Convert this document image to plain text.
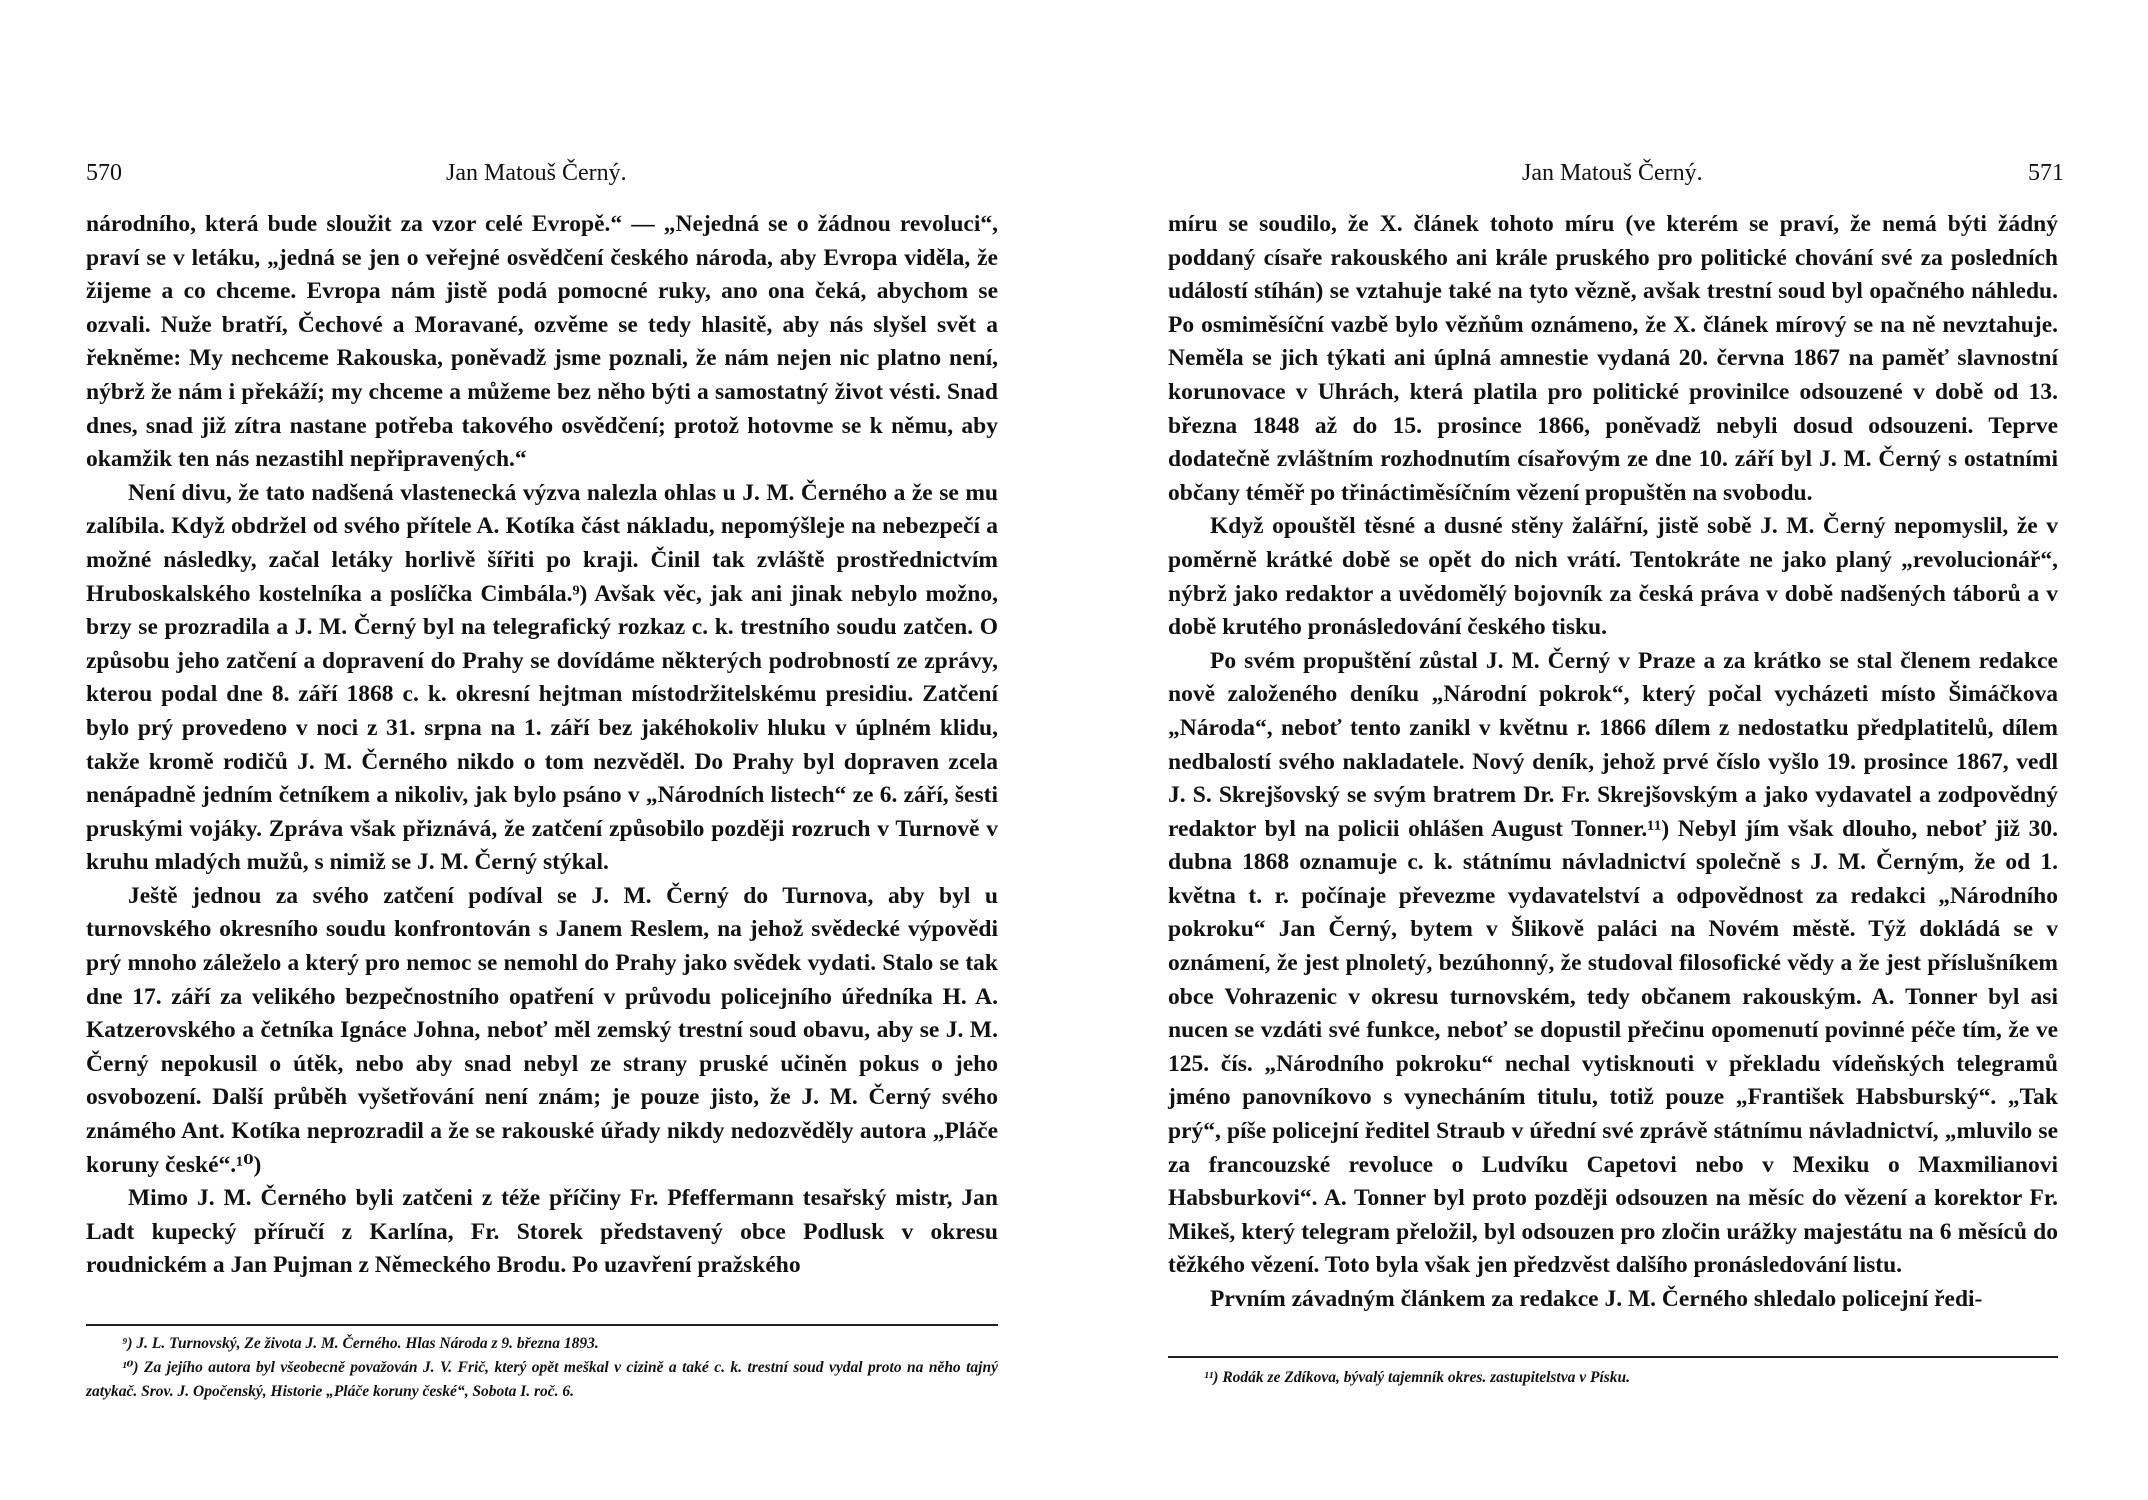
570	Jan Matouš Černý.

národního, která bude sloužit za vzor celé Evropě.“ — „Nejedná se o žádnou revoluci“, praví se v letáku, „jedná se jen o veřejné osvědčení českého národa, aby Evropa viděla, že žijeme a co chceme. Evropa nám jistě podá pomocné ruky, ano ona čeká, abychom se ozvali. Nuže bratří, Čechové a Moravané, ozvěme se tedy hlasitě, aby nás slyšel svět a řekněme: My nechceme Rakouska, poněvadž jsme poznali, že nám nejen nic platno není, nýbrž že nám i překáží; my chceme a můžeme bez něho býti a samostatný život vésti. Snad dnes, snad již zítra nastane potřeba takového osvědčení; protož hotovme se k němu, aby okamžik ten nás nezastihl nepřipravených.“

Není divu, že tato nadšená vlastenecká výzva nalezla ohlas u J. M. Černého a že se mu zalíbila. Když obdržel od svého přítele A. Kotíka část nákladu, nepomýšleje na nebezpečí a možné následky, začal letáky horlivě šířiti po kraji. Činil tak zvláště prostřednictvím Hruboskalského kostelníka a poslíčka Cimbála.⁹) Avšak věc, jak ani jinak nebylo možno, brzy se prozradila a J. M. Černý byl na telegrafický rozkaz c. k. trestního soudu zatčen. O způsobu jeho zatčení a dopravení do Prahy se dovídáme některých podrobností ze zprávy, kterou podal dne 8. září 1868 c. k. okresní hejtman místodržitelskému presidiu. Zatčení bylo prý provedeno v noci z 31. srpna na 1. září bez jakéhokoliv hluku v úplném klidu, takže kromě rodičů J. M. Černého nikdo o tom nezvěděl. Do Prahy byl dopraven zcela nenápadně jedním četníkem a nikoliv, jak bylo psáno v „Národních listech“ ze 6. září, šesti pruskými vojáky. Zpráva však přiznává, že zatčení způsobilo později rozruch v Turnově v kruhu mladých mužů, s nimiž se J. M. Černý stýkal.

Ještě jednou za svého zatčení podíval se J. M. Černý do Turnova, aby byl u turnovského okresního soudu konfrontován s Janem Reslem, na jehož svědecké výpovědi prý mnoho záleželo a který pro nemoc se nemohl do Prahy jako svědek vydati. Stalo se tak dne 17. září za velikého bezpečnostního opatření v průvodu policejního úředníka H. A. Katzerovského a četníka Ignáce Johna, neboť měl zemský trestní soud obavu, aby se J. M. Černý nepokusil o útěk, nebo aby snad nebyl ze strany pruské učiněn pokus o jeho osvobození. Další průběh vyšetřování není znám; je pouze jisto, že J. M. Černý svého známého Ant. Kotíka neprozradil a že se rakouské úřady nikdy nedozvěděly autora „Pláče koruny české“.¹⁰)

Mimo J. M. Černého byli zatčeni z téže příčiny Fr. Pfeffermann tesařský mistr, Jan Ladt kupecký příručí z Karlína, Fr. Storek představený obce Podlusk v okresu roudnickém a Jan Pujman z Německého Brodu. Po uzavření pražského

⁹) J. L. Turnovský, Ze života J. M. Černého. Hlas Národa z 9. března 1893.

¹⁰) Za jejího autora byl všeobecně považován J. V. Frič, který opět meškal v cizině a také c. k. trestní soud vydal proto na něho tajný zatykač. Srov. J. Opočenský, Historie „Pláče koruny české“, Sobota I. roč. 6.

Jan Matouš Černý.	571

míru se soudilo, že X. článek tohoto míru (ve kterém se praví, že nemá býti žádný poddaný císaře rakouského ani krále pruského pro politické chování své za posledních událostí stíhán) se vztahuje také na tyto vězně, avšak trestní soud byl opačného náhledu. Po osmiměsíční vazbě bylo vězňům oznámeno, že X. článek mírový se na ně nevztahuje. Neměla se jich týkati ani úplná amnestie vydaná 20. června 1867 na paměť slavnostní korunovace v Uhrách, která platila pro politické provinilce odsouzené v době od 13. března 1848 až do 15. prosince 1866, poněvadž nebyli dosud odsouzeni. Teprve dodatečně zvláštním rozhodnutím císařovým ze dne 10. září byl J. M. Černý s ostatními občany téměř po třináctiměsíčním vězení propuštěn na svobodu.

Když opouštěl těsné a dusné stěny žalářní, jistě sobě J. M. Černý nepomyslil, že v poměrně krátké době se opět do nich vrátí. Tentokráte ne jako planý „revolucionář“, nýbrž jako redaktor a uvědomělý bojovník za česká práva v době nadšených táborů a v době krutého pronásledování českého tisku.

Po svém propuštění zůstal J. M. Černý v Praze a za krátko se stal členem redakce nově založeného deníku „Národní pokrok“, který počal vycházeti místo Šimáčkova „Národa“, neboť tento zanikl v květnu r. 1866 dílem z nedostatku předplatitelů, dílem nedbalostí svého nakladatele. Nový deník, jehož prvé číslo vyšlo 19. prosince 1867, vedl J. S. Skrejšovský se svým bratrem Dr. Fr. Skrejšovským a jako vydavatel a zodpovědný redaktor byl na policii ohlášen August Tonner.¹¹) Nebyl jím však dlouho, neboť již 30. dubna 1868 oznamuje c. k. státnímu návladnictví společně s J. M. Černým, že od 1. května t. r. počínaje převezme vydavatelství a odpovědnost za redakci „Národního pokroku“ Jan Černý, bytem v Šlikově paláci na Novém městě. Týž dokládá se v oznámení, že jest plnoletý, bezúhonný, že studoval filosofické vědy a že jest příslušníkem obce Vohrazenic v okresu turnovském, tedy občanem rakouským. A. Tonner byl asi nucen se vzdáti své funkce, neboť se dopustil přečinu opomenutí povinné péče tím, že ve 125. čís. „Národního pokroku“ nechal vytisknouti v překladu vídeňských telegramů jméno panovníkovo s vynecháním titulu, totiž pouze „František Habsburský“. „Tak prý“, píše policejní ředitel Straub v úřední své zprávě státnímu návladnictví, „mluvilo se za francouzské revoluce o Ludvíku Capetovi nebo v Mexiku o Maxmilianovi Habsburkovi“. A. Tonner byl proto později odsouzen na měsíc do vězení a korektor Fr. Mikeš, který telegram přeložil, byl odsouzen pro zločin urážky majestátu na 6 měsíců do těžkého vězení. Toto byla však jen předzvěst dalšího pronásledování listu.

Prvním závadným článkem za redakce J. M. Černého shledalo policejní ředi-

¹¹) Rodák ze Zdíkova, bývalý tajemník okres. zastupitelstva v Písku.
